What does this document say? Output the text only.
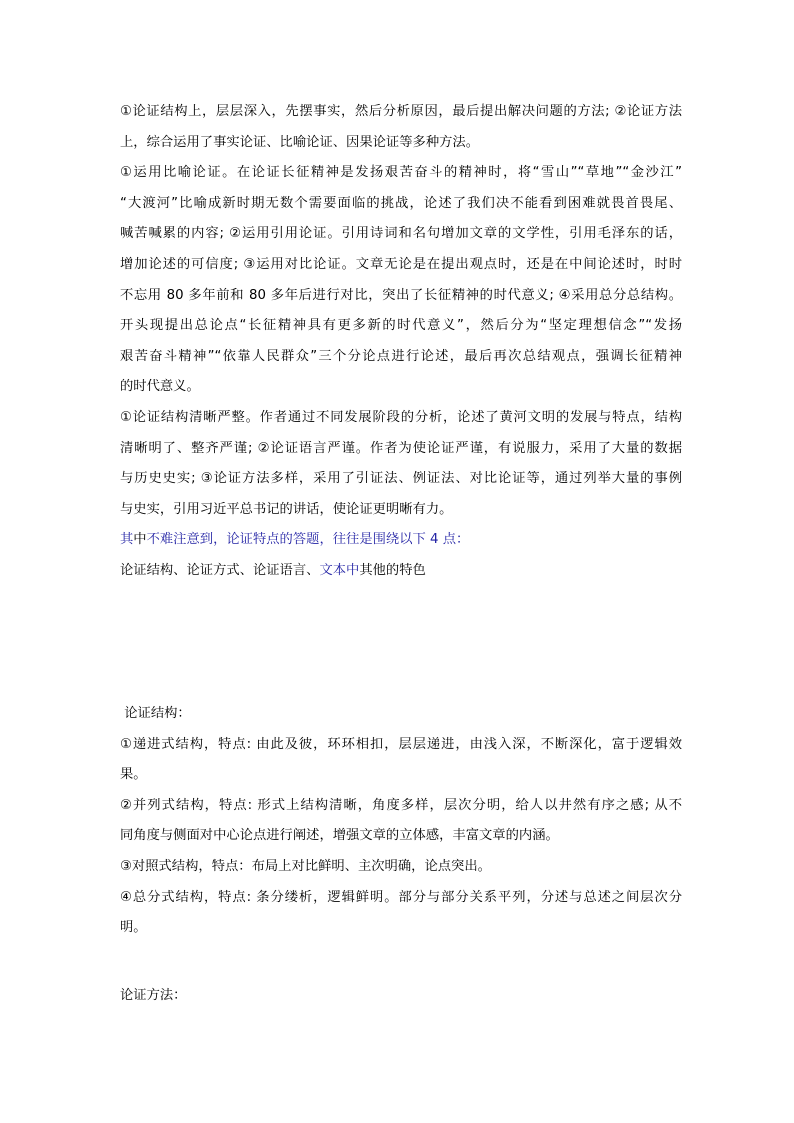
①论证结构上，层层深入，先摆事实，然后分析原因，最后提出解决问题的方法; ②论证方法
上，综合运用了事实论证、比喻论证、因果论证等多种方法。
①运用比喻论证。在论证长征精神是发扬艰苦奋斗的精神时，将“雪山”“草地”“金沙江”
“大渡河”比喻成新时期无数个需要面临的挑战，论述了我们决不能看到困难就畏首畏尾、
喊苦喊累的内容; ②运用引用论证。引用诗词和名句增加文章的文学性，引用毛泽东的话，
增加论述的可信度; ③运用对比论证。文章无论是在提出观点时，还是在中间论述时，时时
不忘用 80 多年前和 80 多年后进行对比，突出了长征精神的时代意义; ④采用总分总结构。
开头现提出总论点“长征精神具有更多新的时代意义”，然后分为“坚定理想信念”“发扬
艰苦奋斗精神”“依靠人民群众”三个分论点进行论述，最后再次总结观点，强调长征精神
的时代意义。
①论证结构清晰严整。作者通过不同发展阶段的分析，论述了黄河文明的发展与特点，结构
清晰明了、整齐严谨; ②论证语言严谨。作者为使论证严谨，有说服力，采用了大量的数据
与历史史实; ③论证方法多样，采用了引证法、例证法、对比论证等，通过列举大量的事例
与史实，引用习近平总书记的讲话，使论证更明晰有力。
其中不难注意到，论证特点的答题，往往是围绕以下 4 点：
论证结构、论证方式、论证语言、文本中其他的特色
论证结构：
①递进式结构，特点: 由此及彼，环环相扣，层层递进，由浅入深，不断深化，富于逻辑效
果。
②并列式结构，特点: 形式上结构清晰，角度多样，层次分明，给人以井然有序之感; 从不
同角度与侧面对中心论点进行阐述，增强文章的立体感，丰富文章的内涵。
③对照式结构，特点：布局上对比鲜明、主次明确，论点突出。
④总分式结构，特点: 条分缕析，逻辑鲜明。部分与部分关系平列，分述与总述之间层次分
明。
论证方法：
